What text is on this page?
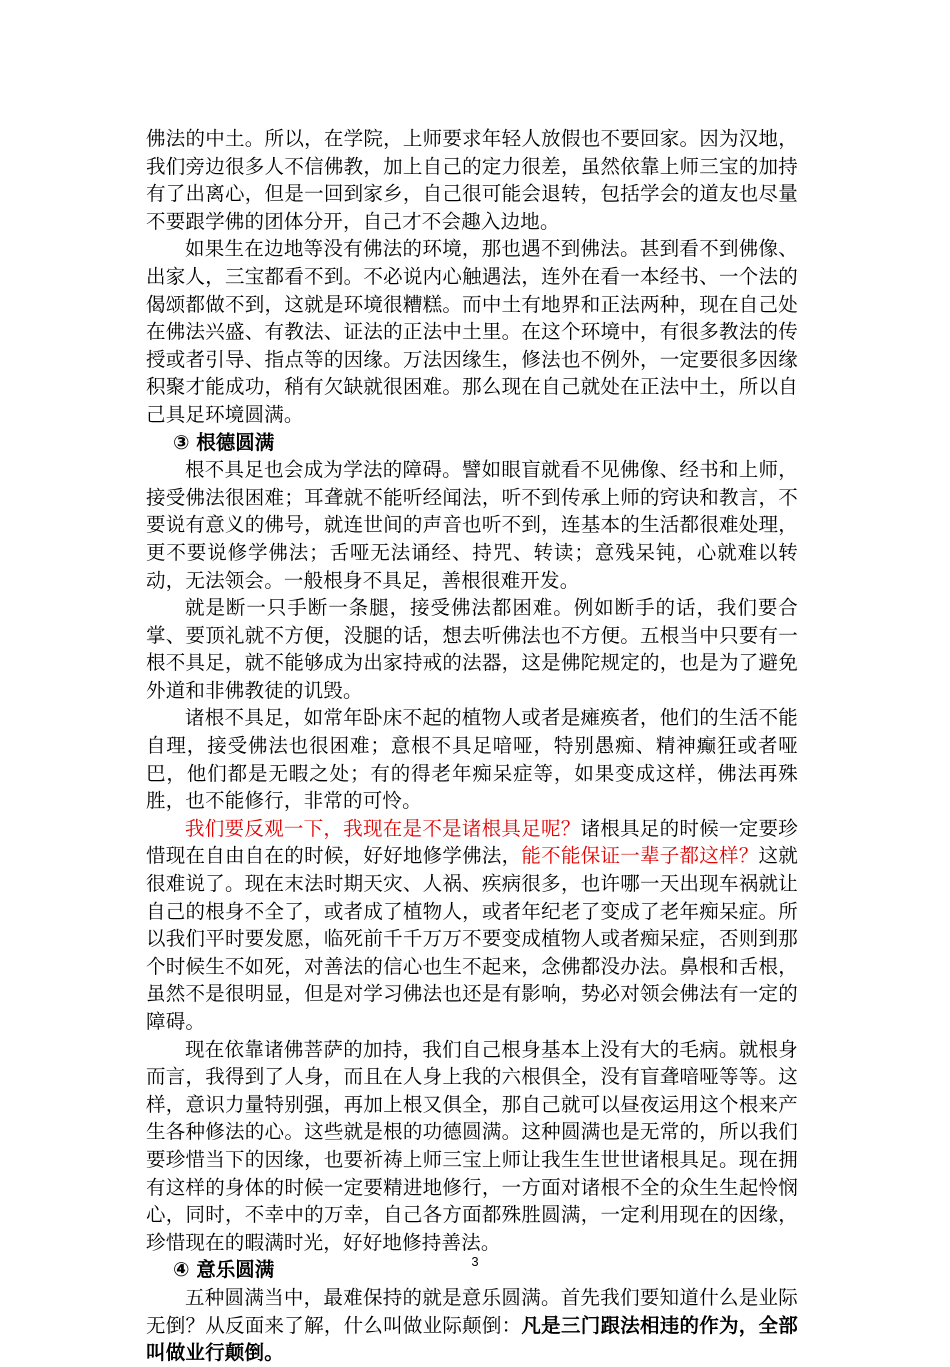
佛法的中土。所以，在学院，上师要求年轻人放假也不要回家。因为汉地，我们旁边很多人不信佛教，加上自己的定力很差，虽然依靠上师三宝的加持有了出离心，但是一回到家乡，自己很可能会退转，包括学会的道友也尽量不要跟学佛的团体分开，自己才不会趣入边地。

如果生在边地等没有佛法的环境，那也遇不到佛法。甚到看不到佛像、出家人，三宝都看不到。不必说内心触遇法，连外在看一本经书、一个法的偈颂都做不到，这就是环境很糟糕。而中土有地界和正法两种，现在自己处在佛法兴盛、有教法、证法的正法中土里。在这个环境中，有很多教法的传授或者引导、指点等的因缘。万法因缘生，修法也不例外，一定要很多因缘积聚才能成功，稍有欠缺就很困难。那么现在自己就处在正法中土，所以自己具足环境圆满。

③ 根德圆满

根不具足也会成为学法的障碍。譬如眼盲就看不见佛像、经书和上师，接受佛法很困难；耳聋就不能听经闻法，听不到传承上师的窍诀和教言，不要说有意义的佛号，就连世间的声音也听不到，连基本的生活都很难处理，更不要说修学佛法；舌哑无法诵经、持咒、转读；意残呆钝，心就难以转动，无法领会。一般根身不具足，善根很难开发。

就是断一只手断一条腿，接受佛法都困难。例如断手的话，我们要合掌、要顶礼就不方便，没腿的话，想去听佛法也不方便。五根当中只要有一根不具足，就不能够成为出家持戒的法器，这是佛陀规定的，也是为了避免外道和非佛教徒的讥毁。

诸根不具足，如常年卧床不起的植物人或者是瘫痪者，他们的生活不能自理，接受佛法也很困难；意根不具足喑哑，特别愚痴、精神癫狂或者哑巴，他们都是无暇之处；有的得老年痴呆症等，如果变成这样，佛法再殊胜，也不能修行，非常的可怜。

我们要反观一下，我现在是不是诸根具足呢？诸根具足的时候一定要珍惜现在自由自在的时候，好好地修学佛法，能不能保证一辈子都这样？这就很难说了。现在末法时期天灾、人祸、疾病很多，也许哪一天出现车祸就让自己的根身不全了，或者成了植物人，或者年纪老了变成了老年痴呆症。所以我们平时要发愿，临死前千千万万不要变成植物人或者痴呆症，否则到那个时候生不如死，对善法的信心也生不起来，念佛都没办法。鼻根和舌根，虽然不是很明显，但是对学习佛法也还是有影响，势必对领会佛法有一定的障碍。

现在依靠诸佛菩萨的加持，我们自己根身基本上没有大的毛病。就根身而言，我得到了人身，而且在人身上我的六根俱全，没有盲聋喑哑等等。这样，意识力量特别强，再加上根又俱全，那自己就可以昼夜运用这个根来产生各种修法的心。这些就是根的功德圆满。这种圆满也是无常的，所以我们要珍惜当下的因缘，也要祈祷上师三宝上师让我生生世世诸根具足。现在拥有这样的身体的时候一定要精进地修行，一方面对诸根不全的众生生起怜悯心，同时，不幸中的万幸，自己各方面都殊胜圆满，一定利用现在的因缘，珍惜现在的暇满时光，好好地修持善法。

④ 意乐圆满

五种圆满当中，最难保持的就是意乐圆满。首先我们要知道什么是业际无倒？从反面来了解，什么叫做业际颠倒：凡是三门跟法相违的作为，全部叫做业行颠倒。

3
